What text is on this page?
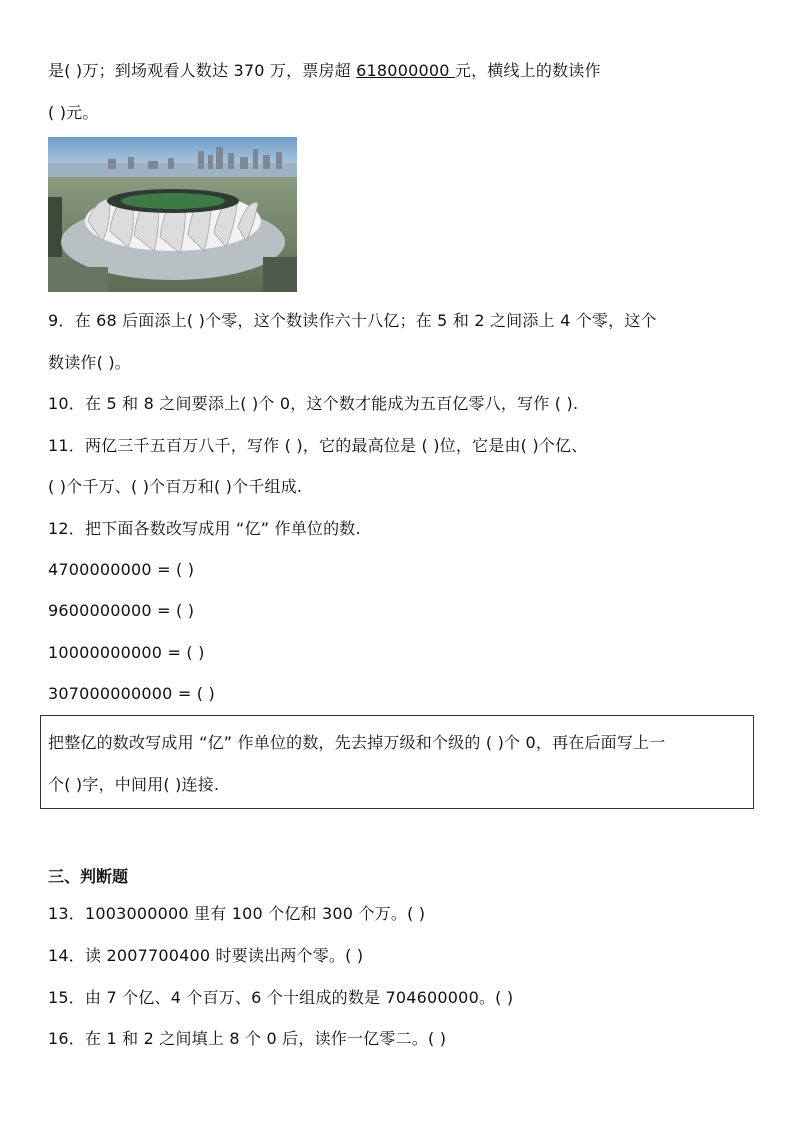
是( )万；到场观看人数达 370 万，票房超 618000000 元，横线上的数读作
( )元。
9．在 68 后面添上( )个零，这个数读作六十八亿；在 5 和 2 之间添上 4 个零，这个
数读作( )。
10．在 5 和 8 之间要添上( )个 0，这个数才能成为五百亿零八，写作 ( ).
11．两亿三千五百万八千，写作 ( )，它的最高位是 ( )位，它是由( )个亿、
( )个千万、( )个百万和( )个千组成.
12．把下面各数改写成用 “亿” 作单位的数.
4700000000 = ( )
9600000000 = ( )
10000000000 = ( )
307000000000 = ( )
把整亿的数改写成用 “亿” 作单位的数，先去掉万级和个级的 ( )个 0，再在后面写上一
个( )字，中间用( )连接.
三、判断题
13．1003000000 里有 100 个亿和 300 个万。( )
14．读 2007700400 时要读出两个零。( )
15．由 7 个亿、4 个百万、6 个十组成的数是 704600000。( )
16．在 1 和 2 之间填上 8 个 0 后，读作一亿零二。( )
